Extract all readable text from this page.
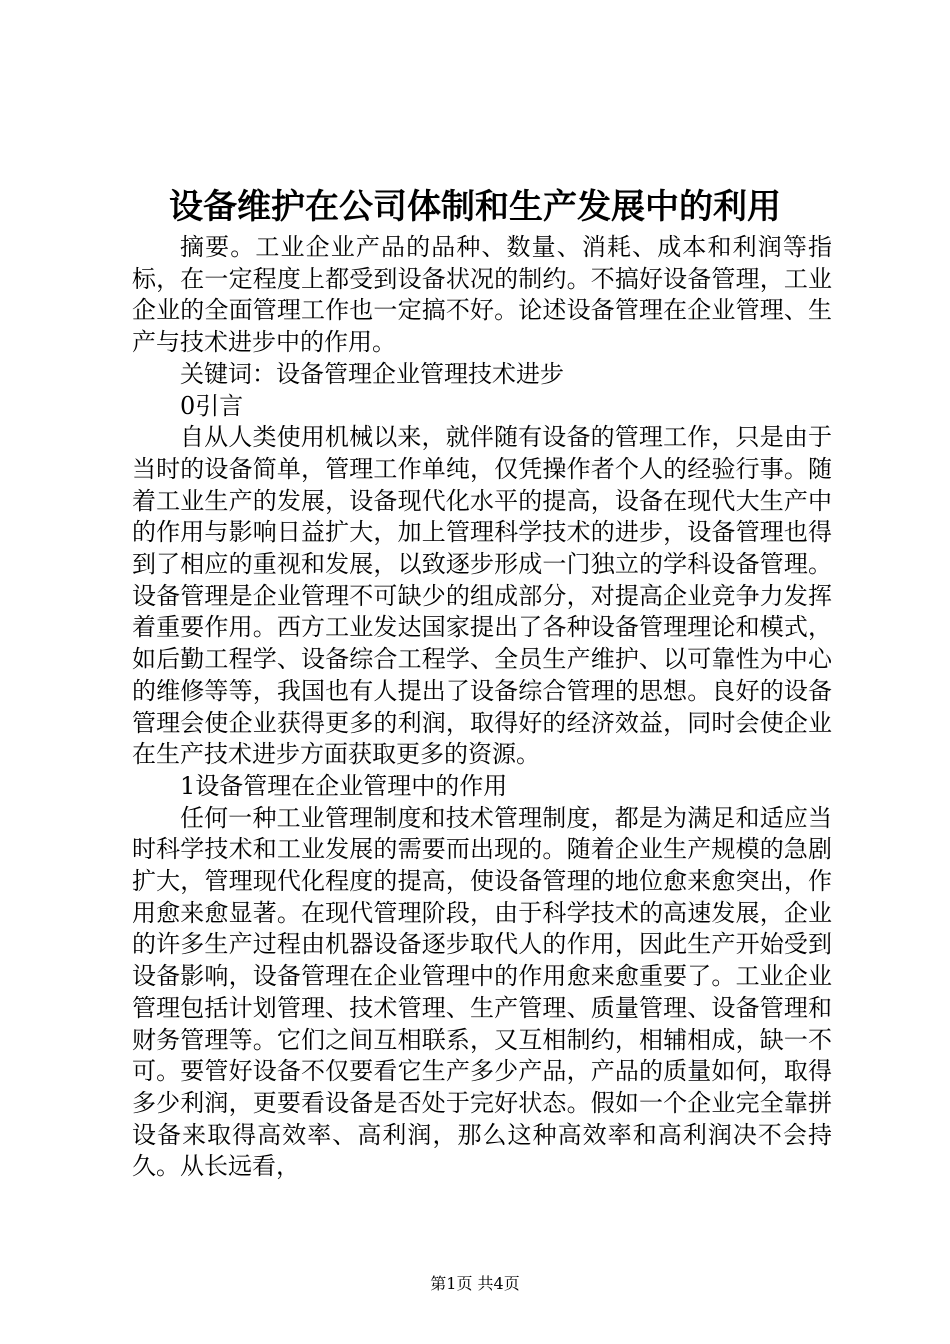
设备维护在公司体制和生产发展中的利用

摘要。工业企业产品的品种、数量、消耗、成本和利润等指标，在一定程度上都受到设备状况的制约。不搞好设备管理，工业企业的全面管理工作也一定搞不好。论述设备管理在企业管理、生产与技术进步中的作用。

关键词：设备管理企业管理技术进步

0引言

自从人类使用机械以来，就伴随有设备的管理工作，只是由于当时的设备简单，管理工作单纯，仅凭操作者个人的经验行事。随着工业生产的发展，设备现代化水平的提高，设备在现代大生产中的作用与影响日益扩大，加上管理科学技术的进步，设备管理也得到了相应的重视和发展，以致逐步形成一门独立的学科设备管理。设备管理是企业管理不可缺少的组成部分，对提高企业竞争力发挥着重要作用。西方工业发达国家提出了各种设备管理理论和模式，如后勤工程学、设备综合工程学、全员生产维护、以可靠性为中心的维修等等，我国也有人提出了设备综合管理的思想。良好的设备管理会使企业获得更多的利润，取得好的经济效益，同时会使企业在生产技术进步方面获取更多的资源。

1设备管理在企业管理中的作用

任何一种工业管理制度和技术管理制度，都是为满足和适应当时科学技术和工业发展的需要而出现的。随着企业生产规模的急剧扩大，管理现代化程度的提高，使设备管理的地位愈来愈突出，作用愈来愈显著。在现代管理阶段，由于科学技术的高速发展，企业的许多生产过程由机器设备逐步取代人的作用，因此生产开始受到设备影响，设备管理在企业管理中的作用愈来愈重要了。工业企业管理包括计划管理、技术管理、生产管理、质量管理、设备管理和财务管理等。它们之间互相联系，又互相制约，相辅相成，缺一不可。要管好设备不仅要看它生产多少产品，产品的质量如何，取得多少利润，更要看设备是否处于完好状态。假如一个企业完全靠拼设备来取得高效率、高利润，那么这种高效率和高利润决不会持久。从长远看，

第1页 共4页
